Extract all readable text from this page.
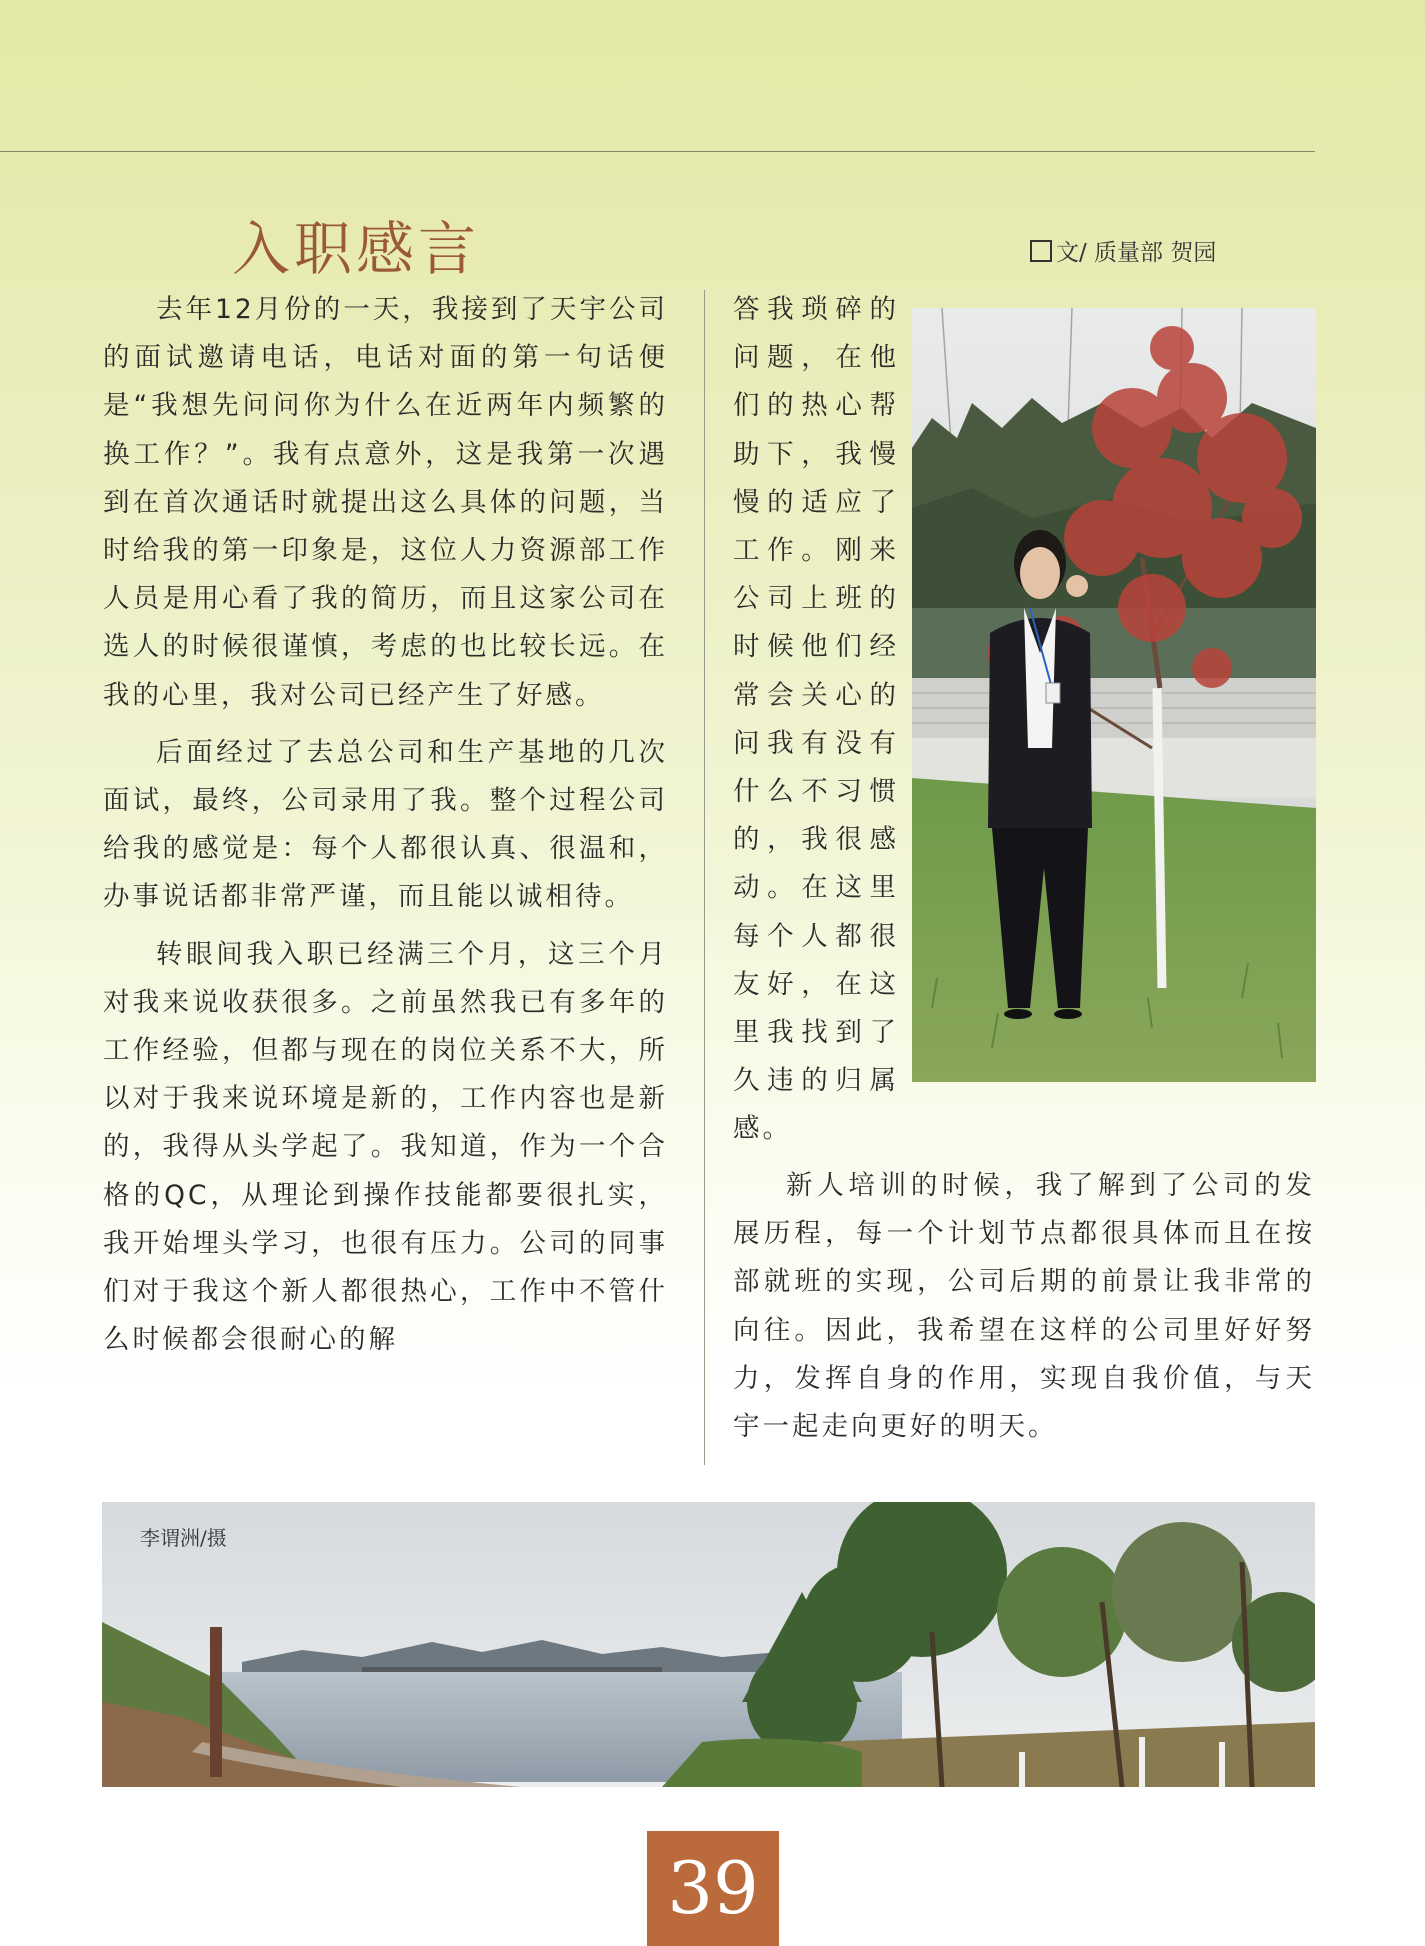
入职感言	文/ 质量部 贺园

去年12月份的一天，我接到了天宇公司的面试邀请电话，电话对面的第一句话便是“我想先问问你为什么在近两年内频繁的换工作？”。我有点意外，这是我第一次遇到在首次通话时就提出这么具体的问题，当时给我的第一印象是，这位人力资源部工作人员是用心看了我的简历，而且这家公司在选人的时候很谨慎，考虑的也比较长远。在我的心里，我对公司已经产生了好感。

后面经过了去总公司和生产基地的几次面试，最终，公司录用了我。整个过程公司给我的感觉是：每个人都很认真、很温和，办事说话都非常严谨，而且能以诚相待。

转眼间我入职已经满三个月，这三个月对我来说收获很多。之前虽然我已有多年的工作经验，但都与现在的岗位关系不大，所以对于我来说环境是新的，工作内容也是新的，我得从头学起了。我知道，作为一个合格的QC，从理论到操作技能都要很扎实，我开始埋头学习，也很有压力。公司的同事们对于我这个新人都很热心，工作中不管什么时候都会很耐心的解

答我琐碎的问题，在他们的热心帮助下，我慢慢的适应了工作。刚来公司上班的时候他们经常会关心的问我有没有什么不习惯的，我很感动。在这里每个人都很友好，在这里我找到了久违的归属感。

新人培训的时候，我了解到了公司的发展历程，每一个计划节点都很具体而且在按部就班的实现，公司后期的前景让我非常的向往。因此，我希望在这样的公司里好好努力，发挥自身的作用，实现自我价值，与天宇一起走向更好的明天。

李谓洲/摄
39
